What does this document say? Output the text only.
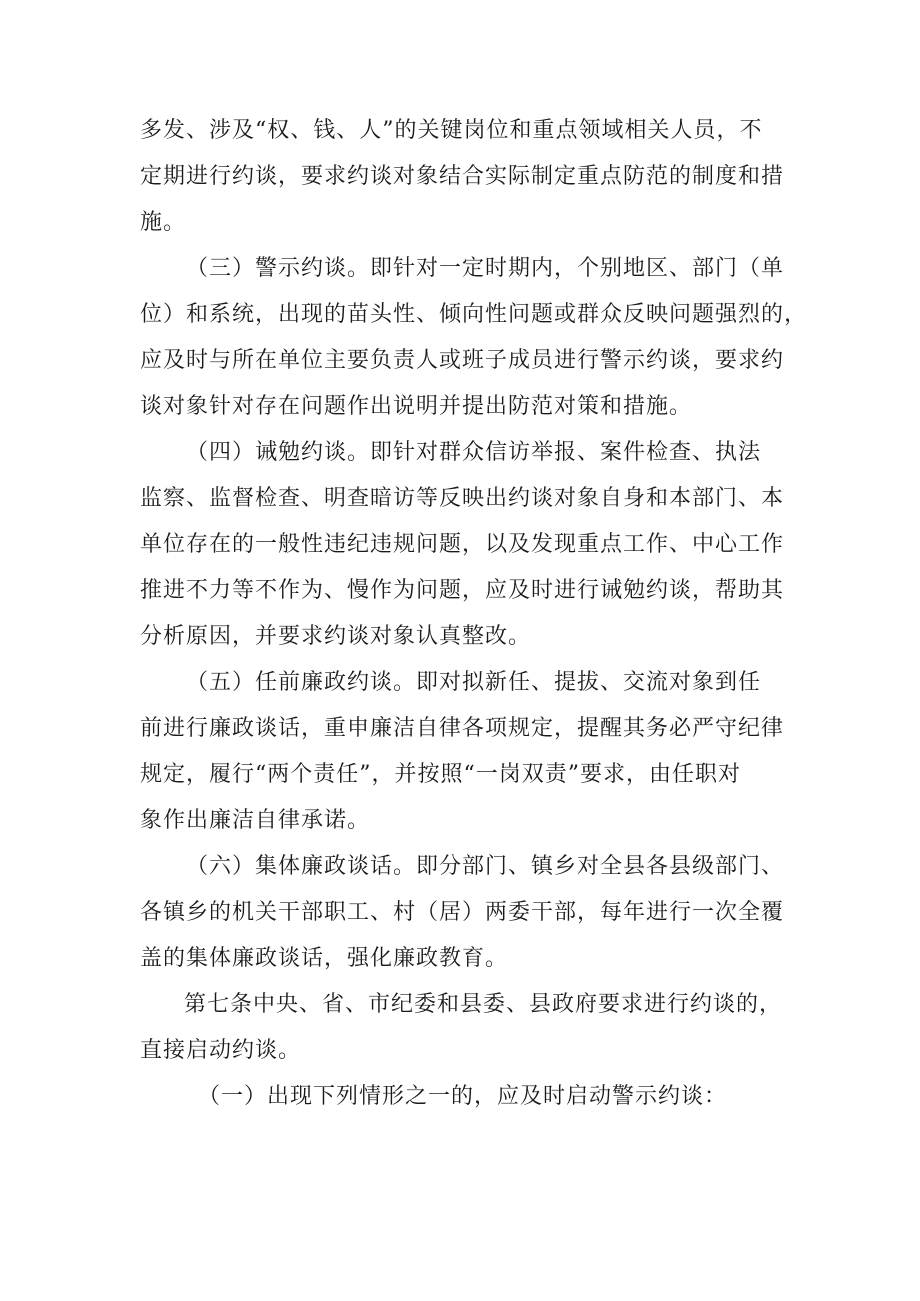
多发、涉及“权、钱、人”的关键岗位和重点领域相关人员，不
定期进行约谈，要求约谈对象结合实际制定重点防范的制度和措
施。
（三）警示约谈。即针对一定时期内，个别地区、部门（单
位）和系统，出现的苗头性、倾向性问题或群众反映问题强烈的，
应及时与所在单位主要负责人或班子成员进行警示约谈，要求约
谈对象针对存在问题作出说明并提出防范对策和措施。
（四）诫勉约谈。即针对群众信访举报、案件检查、执法
监察、监督检查、明查暗访等反映出约谈对象自身和本部门、本
单位存在的一般性违纪违规问题，以及发现重点工作、中心工作
推进不力等不作为、慢作为问题，应及时进行诫勉约谈，帮助其
分析原因，并要求约谈对象认真整改。
（五）任前廉政约谈。即对拟新任、提拔、交流对象到任
前进行廉政谈话，重申廉洁自律各项规定，提醒其务必严守纪律
规定，履行“两个责任”，并按照“一岗双责”要求，由任职对
象作出廉洁自律承诺。
（六）集体廉政谈话。即分部门、镇乡对全县各县级部门、
各镇乡的机关干部职工、村（居）两委干部，每年进行一次全覆
盖的集体廉政谈话，强化廉政教育。
第七条中央、省、市纪委和县委、县政府要求进行约谈的，
直接启动约谈。
（一）出现下列情形之一的，应及时启动警示约谈：
